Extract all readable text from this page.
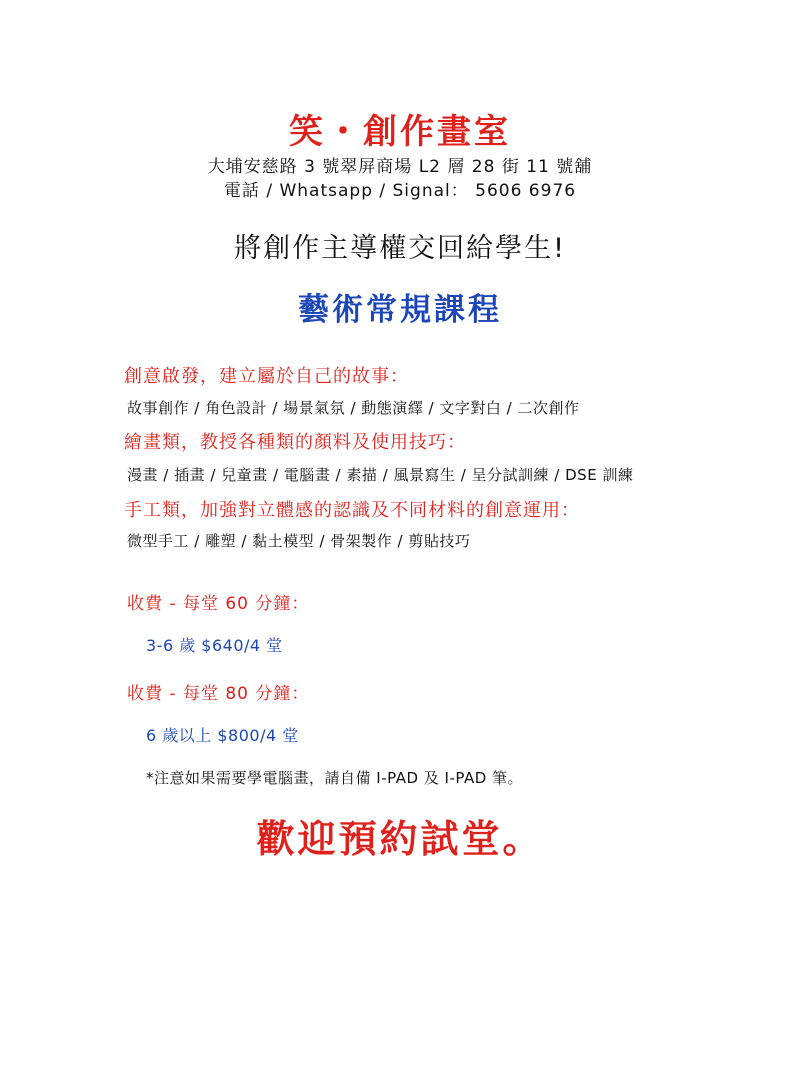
笑・創作畫室
大埔安慈路 3 號翠屏商場 L2 層 28 街 11 號舖
電話 / Whatsapp / Signal： 5606 6976
將創作主導權交回給學生!
藝術常規課程
創意啟發，建立屬於自己的故事：
故事創作 / 角色設計 / 場景氣氛 / 動態演繹 / 文字對白 / 二次創作
繪畫類，教授各種類的顏料及使用技巧：
漫畫 / 插畫 / 兒童畫 / 電腦畫 / 素描 / 風景寫生 / 呈分試訓練 / DSE 訓練
手工類，加強對立體感的認識及不同材料的創意運用：
微型手工 / 雕塑 / 黏土模型 / 骨架製作 / 剪貼技巧
收費 - 每堂 60 分鐘：
3-6 歲 $640/4 堂
收費 - 每堂 80 分鐘：
6 歲以上 $800/4 堂
*注意如果需要學電腦畫，請自備 I-PAD 及 I-PAD 筆。
歡迎預約試堂。
